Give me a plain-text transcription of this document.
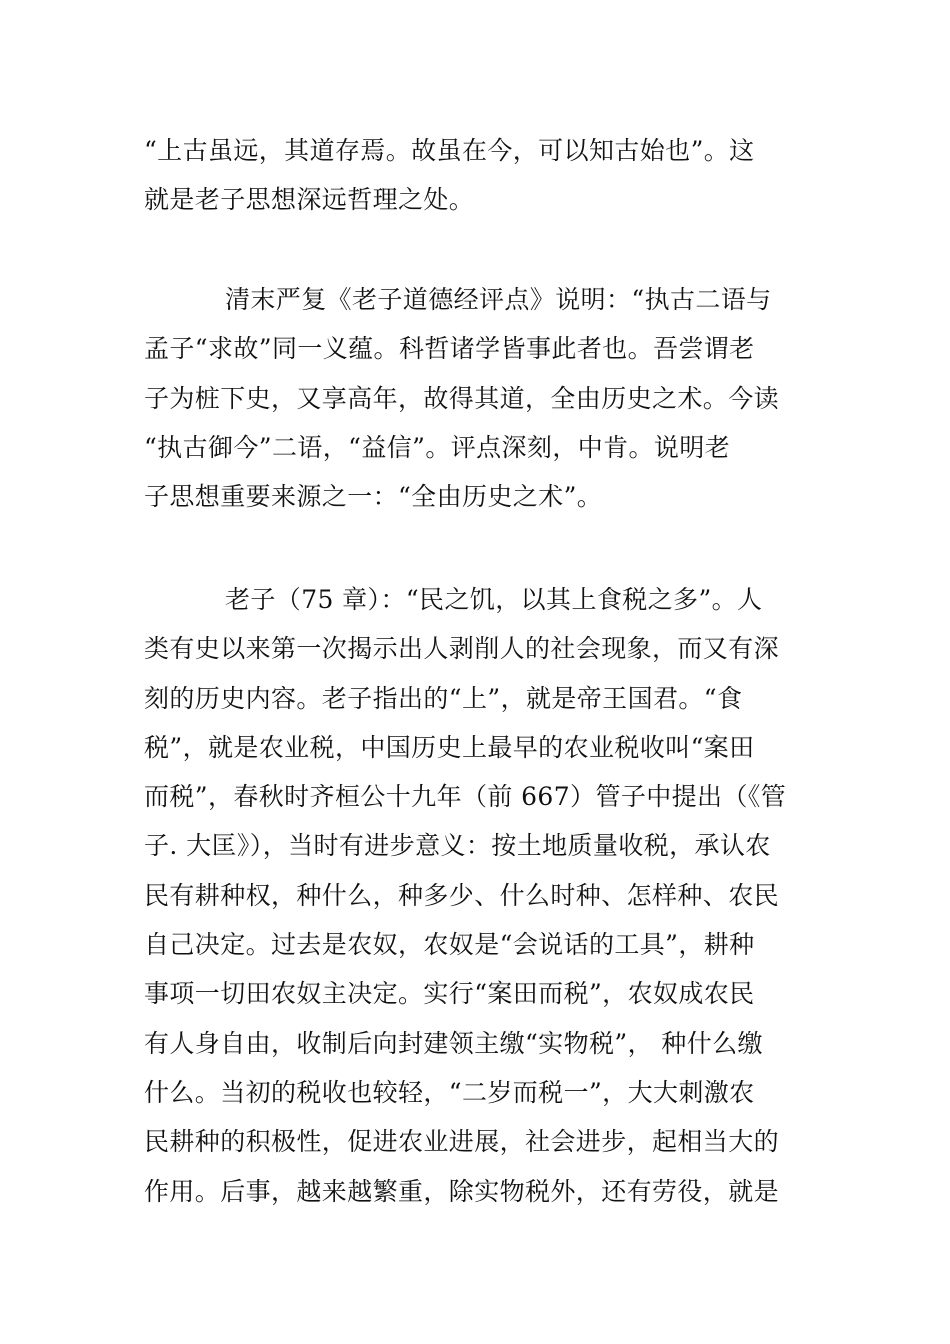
“上古虽远，其道存焉。故虽在今，可以知古始也”。这
就是老子思想深远哲理之处。
清末严复《老子道德经评点》说明：“执古二语与
孟子“求故”同一义蕴。科哲诸学皆事此者也。吾尝谓老
子为桩下史，又享高年，故得其道，全由历史之术。今读
“执古御今”二语，“益信”。评点深刻，中肯。说明老
子思想重要来源之一：“全由历史之术”。
老子（75 章）：“民之饥，以其上食税之多”。人
类有史以来第一次揭示出人剥削人的社会现象，而又有深
刻的历史内容。老子指出的“上”，就是帝王国君。“食
税”，就是农业税，中国历史上最早的农业税收叫“案田
而税”，春秋时齐桓公十九年（前 667）管子中提出（《管
子. 大匡》），当时有进步意义：按土地质量收税，承认农
民有耕种权，种什么，种多少、什么时种、怎样种、农民
自己决定。过去是农奴，农奴是“会说话的工具”，耕种
事项一切田农奴主决定。实行“案田而税”，农奴成农民
有人身自由，收制后向封建领主缴“实物税”， 种什么缴
什么。当初的税收也较轻，“二岁而税一”，大大刺激农
民耕种的积极性，促进农业进展，社会进步，起相当大的
作用。后事，越来越繁重，除实物税外，还有劳役，就是
